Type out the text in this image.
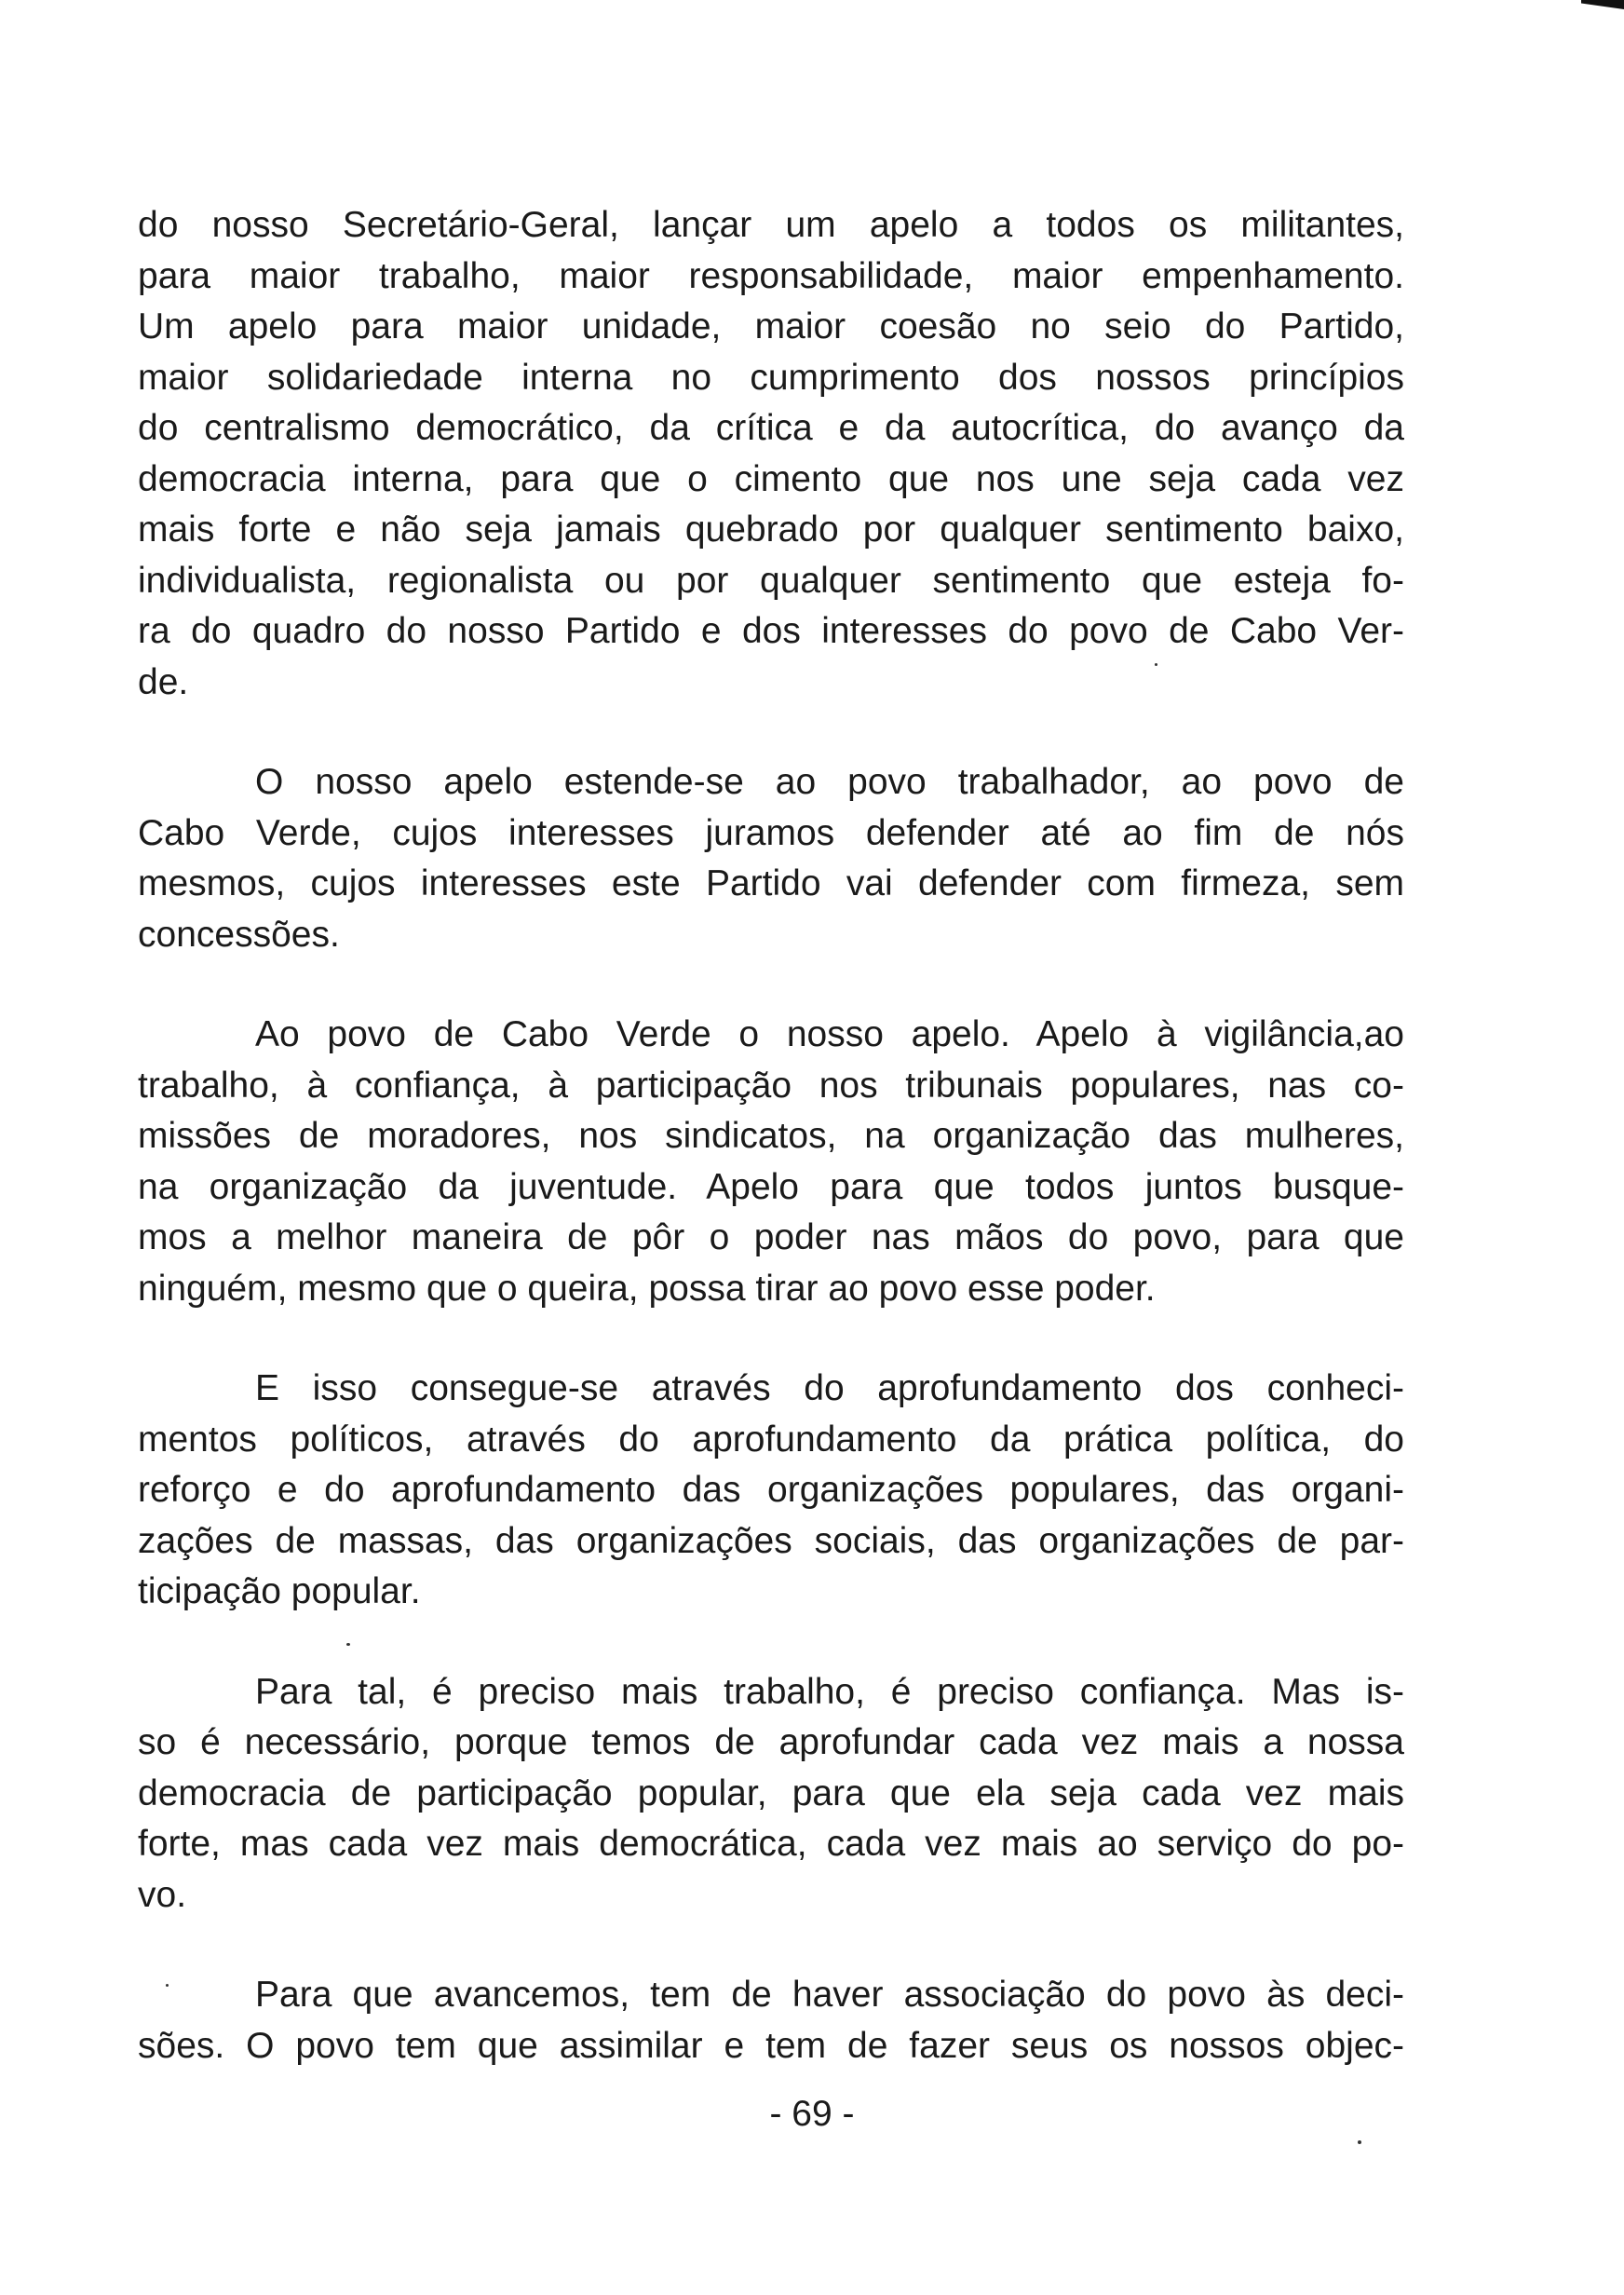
do nosso Secretário-Geral, lançar um apelo a todos os militantes,
para maior trabalho, maior responsabilidade, maior empenhamento.
Um apelo para maior unidade, maior coesão no seio do Partido,
maior solidariedade interna no cumprimento dos nossos princípios
do centralismo democrático, da crítica e da autocrítica, do avanço da
democracia interna, para que o cimento que nos une seja cada vez
mais forte e não seja jamais quebrado por qualquer sentimento baixo,
individualista, regionalista ou por qualquer sentimento que esteja fo-
ra do quadro do nosso Partido e dos interesses do povo de Cabo Ver-
de.

O nosso apelo estende-se ao povo trabalhador, ao povo de
Cabo Verde, cujos interesses juramos defender até ao fim de nós
mesmos, cujos interesses este Partido vai defender com firmeza, sem
concessões.

Ao povo de Cabo Verde o nosso apelo. Apelo à vigilância,ao
trabalho, à confiança, à participação nos tribunais populares, nas co-
missões de moradores, nos sindicatos, na organização das mulheres,
na organização da juventude. Apelo para que todos juntos busque-
mos a melhor maneira de pôr o poder nas mãos do povo, para que
ninguém, mesmo que o queira, possa tirar ao povo esse poder.

E isso consegue-se através do aprofundamento dos conheci-
mentos políticos, através do aprofundamento da prática política, do
reforço e do aprofundamento das organizações populares, das organi-
zações de massas, das organizações sociais, das organizações de par-
ticipação popular.

Para tal, é preciso mais trabalho, é preciso confiança. Mas is-
so é necessário, porque temos de aprofundar cada vez mais a nossa
democracia de participação popular, para que ela seja cada vez mais
forte, mas cada vez mais democrática, cada vez mais ao serviço do po-
vo.

Para que avancemos, tem de haver associação do povo às deci-
sões. O povo tem que assimilar e tem de fazer seus os nossos objec-

- 69 -
